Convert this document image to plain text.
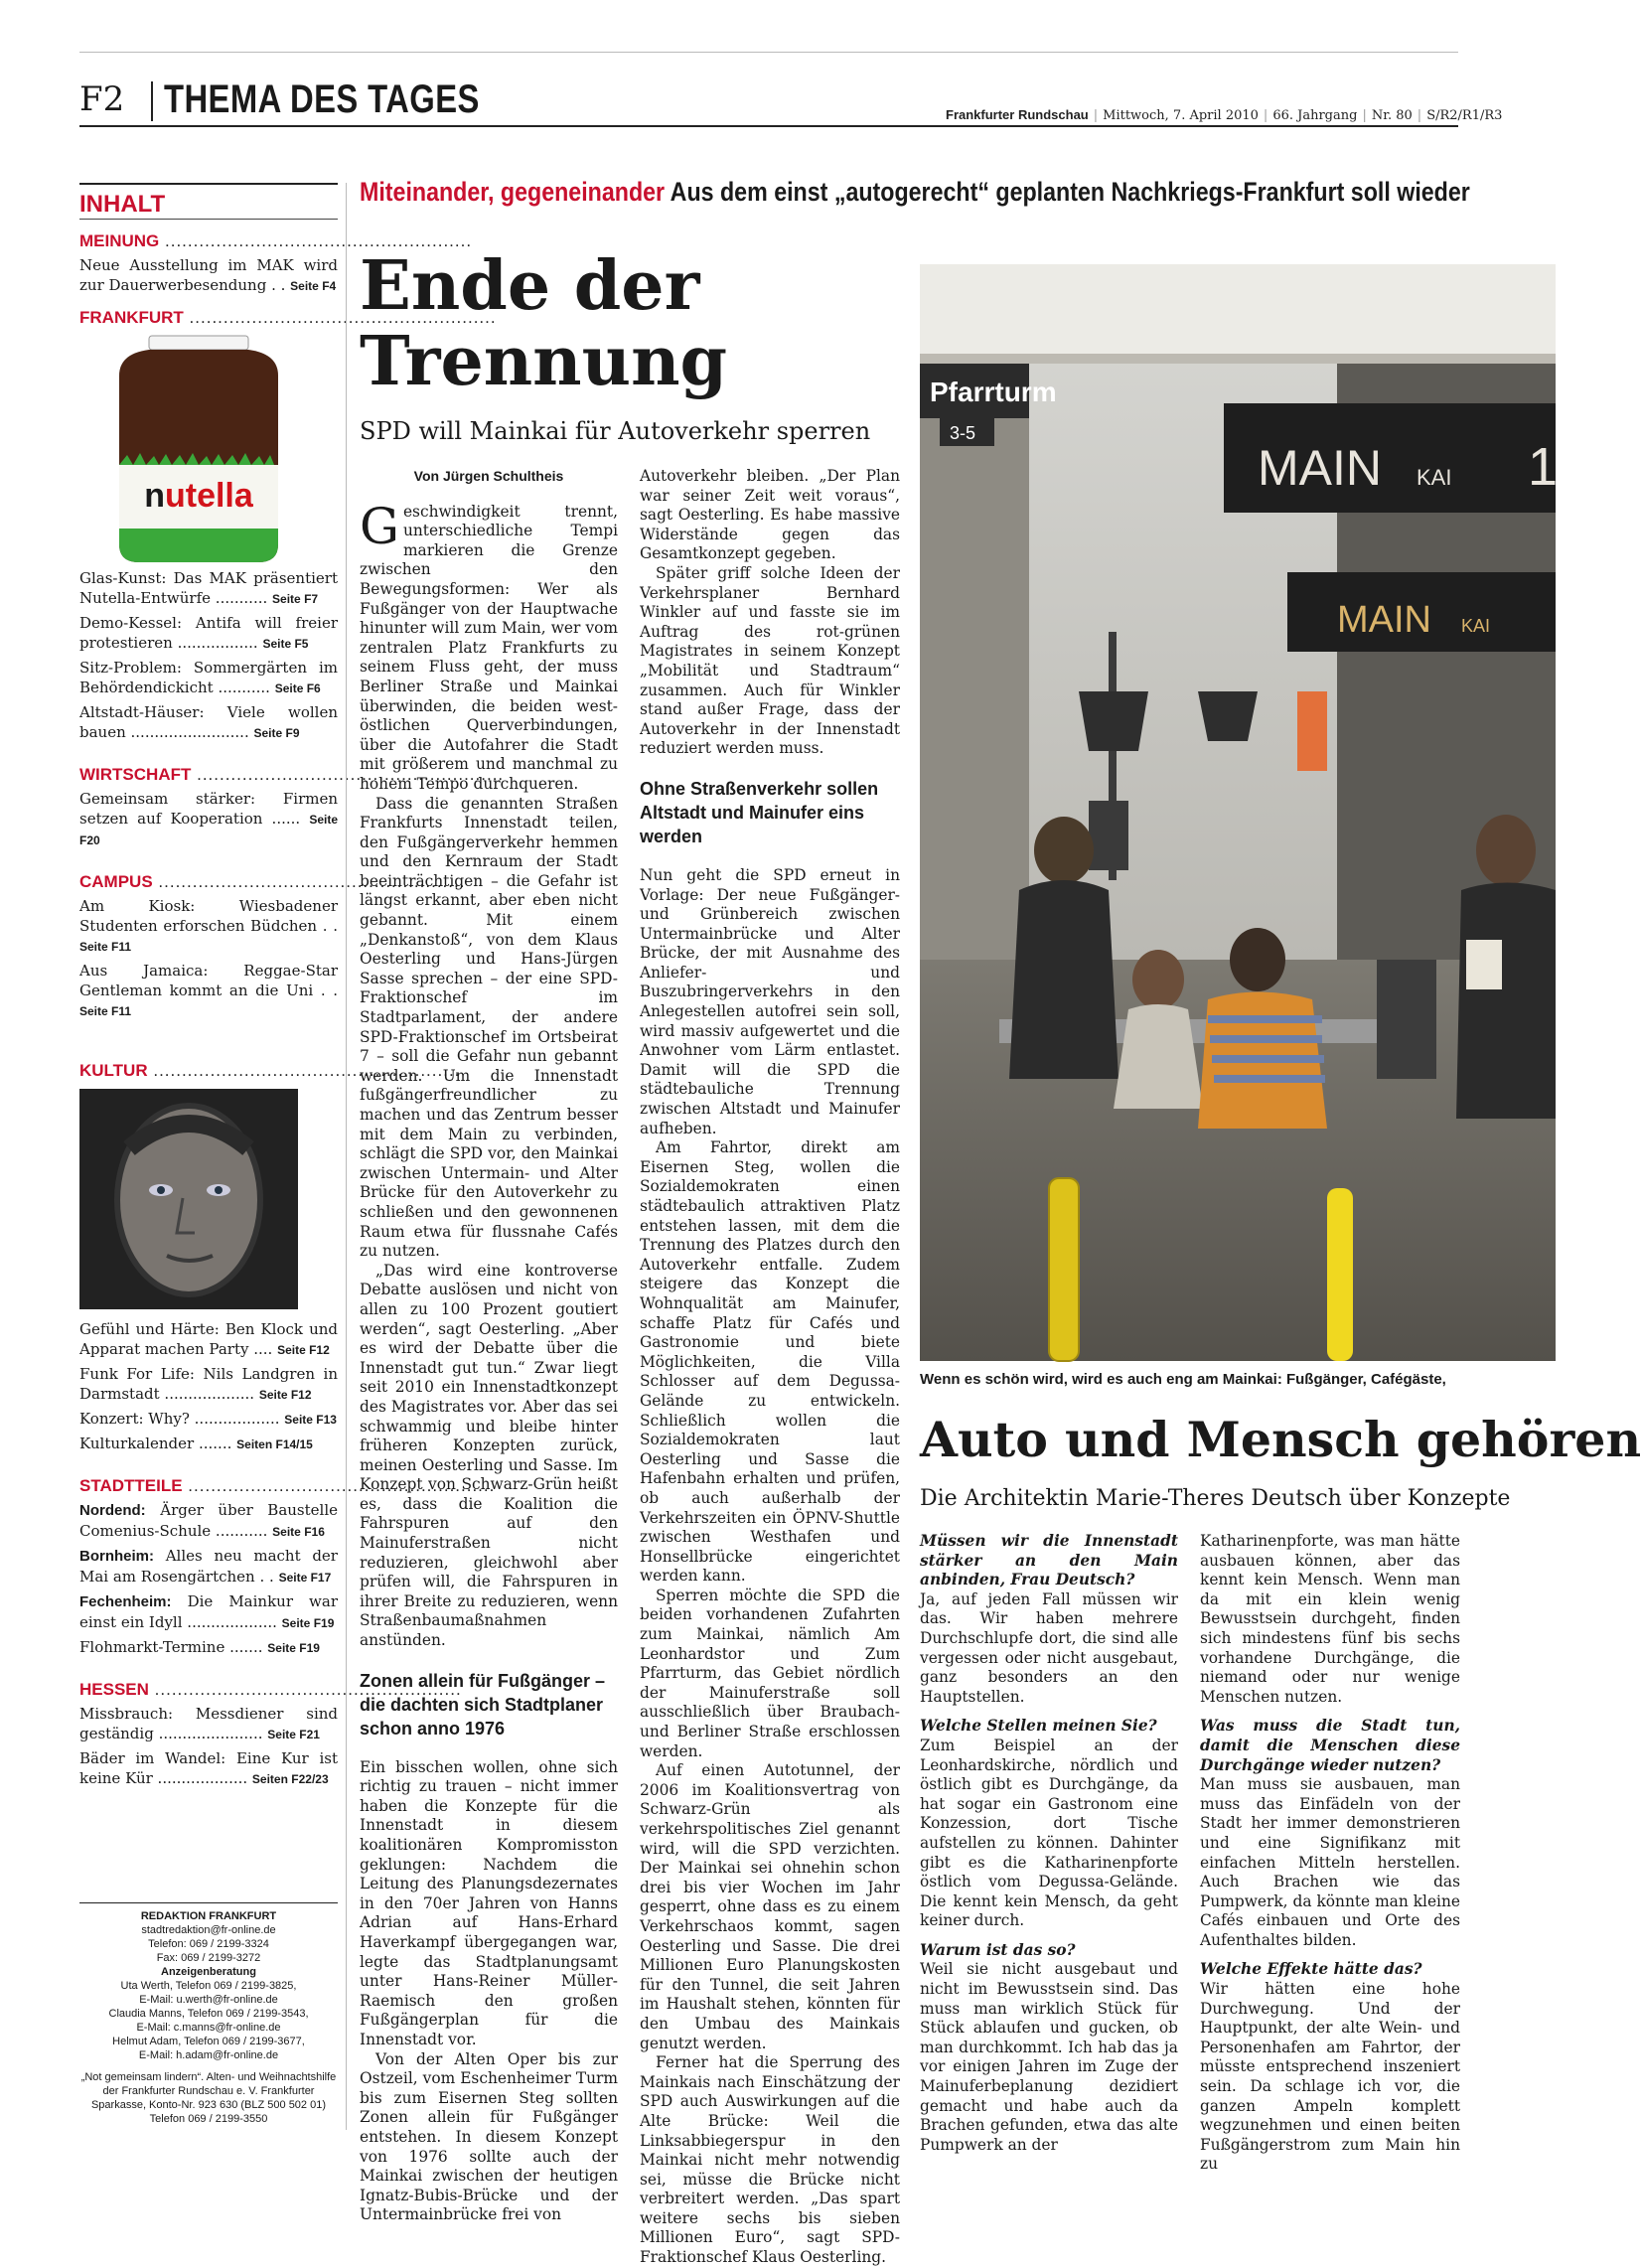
F2 THEMA DES TAGES	Frankfurter Rundschau | Mittwoch, 7. April 2010 | 66. Jahrgang | Nr. 80 | S/R2/R1/R3
INHALT
MEINUNG .....
Neue Ausstellung im MAK wird zur Dauerwerbesendung . . Seite F4
FRANKFURT .....
nutella
Glas-Kunst: Das MAK präsentiert Nutella-Entwürfe ........... Seite F7
Demo-Kessel: Antifa will freier protestieren ................. Seite F5
Sitz-Problem: Sommergärten im Behördendickicht ........... Seite F6
Altstadt-Häuser: Viele wollen bauen ......................... Seite F9
WIRTSCHAFT .....
Gemeinsam stärker: Firmen setzen auf Kooperation ...... Seite F20
CAMPUS .....
Am Kiosk: Wiesbadener Studenten erforschen Büdchen . . Seite F11
Aus Jamaica: Reggae-Star Gentleman kommt an die Uni . . Seite F11
KULTUR .....
Gefühl und Härte: Ben Klock und Apparat machen Party .... Seite F12
Funk For Life: Nils Landgren in Darmstadt ................... Seite F12
Konzert: Why? .................. Seite F13
Kulturkalender ....... Seiten F14/15
STADTTEILE .....
Nordend: Ärger über Baustelle Comenius-Schule ........... Seite F16
Bornheim: Alles neu macht der Mai am Rosengärtchen . . Seite F17
Fechenheim: Die Mainkur war einst ein Idyll ................... Seite F19
Flohmarkt-Termine ....... Seite F19
HESSEN .....
Missbrauch: Messdiener sind geständig ...................... Seite F21
Bäder im Wandel: Eine Kur ist keine Kür ................... Seiten F22/23
REDAKTION FRANKFURT
stadtredaktion@fr-online.de
Telefon: 069 / 2199-3324
Fax: 069 / 2199-3272
Anzeigenberatung
Uta Werth, Telefon 069 / 2199-3825,
E-Mail: u.werth@fr-online.de
Claudia Manns, Telefon 069 / 2199-3543,
E-Mail: c.manns@fr-online.de
Helmut Adam, Telefon 069 / 2199-3677,
E-Mail: h.adam@fr-online.de
„Not gemeinsam lindern“. Alten- und Weihnachtshilfe der Frankfurter Rundschau e. V. Frankfurter Sparkasse, Konto-Nr. 923 630 (BLZ 500 502 01) Telefon 069 / 2199-3550
Miteinander, gegeneinander Aus dem einst „autogerecht“ geplanten Nachkriegs-Frankfurt soll wieder
Ende der
Trennung
SPD will Mainkai für Autoverkehr sperren
Von Jürgen Schultheis

Geschwindigkeit trennt, unterschiedliche Tempi markieren die Grenze zwischen den Bewegungsformen: Wer als Fußgänger von der Hauptwache hinunter will zum Main, wer vom zentralen Platz Frankfurts zu seinem Fluss geht, der muss Berliner Straße und Mainkai überwinden, die beiden west-östlichen Querverbindungen, über die Autofahrer die Stadt mit größerem und manchmal zu hohem Tempo durchqueren.

Dass die genannten Straßen Frankfurts Innenstadt teilen, den Fußgängerverkehr hemmen und den Kernraum der Stadt beeinträchtigen – die Gefahr ist längst erkannt, aber eben nicht gebannt. Mit einem „Denkanstoß“, von dem Klaus Oesterling und Hans-Jürgen Sasse sprechen – der eine SPD-Fraktionschef im Stadtparlament, der andere SPD-Fraktionschef im Ortsbeirat 7 – soll die Gefahr nun gebannt werden. Um die Innenstadt fußgängerfreundlicher zu machen und das Zentrum besser mit dem Main zu verbinden, schlägt die SPD vor, den Mainkai zwischen Untermain- und Alter Brücke für den Autoverkehr zu schließen und den gewonnenen Raum etwa für flussnahe Cafés zu nutzen.

„Das wird eine kontroverse Debatte auslösen und nicht von allen zu 100 Prozent goutiert werden“, sagt Oesterling. „Aber es wird der Debatte über die Innenstadt gut tun.“ Zwar liegt seit 2010 ein Innenstadtkonzept des Magistrates vor. Aber das sei schwammig und bleibe hinter früheren Konzepten zurück, meinen Oesterling und Sasse. Im Konzept von Schwarz-Grün heißt es, dass die Koalition die Fahrspuren auf den Mainuferstraßen nicht reduzieren, gleichwohl aber prüfen will, die Fahrspuren in ihrer Breite zu reduzieren, wenn Straßenbaumaßnahmen anstünden.

Zonen allein für Fußgänger – die dachten sich Stadtplaner schon anno 1976

Ein bisschen wollen, ohne sich richtig zu trauen – nicht immer haben die Konzepte für die Innenstadt in diesem koalitionären Kompromisston geklungen: Nachdem die Leitung des Planungsdezernates in den 70er Jahren von Hanns Adrian auf Hans-Erhard Haverkampf übergegangen war, legte das Stadtplanungsamt unter Hans-Reiner Müller-Raemisch den großen Fußgängerplan für die Innenstadt vor.

Von der Alten Oper bis zur Ostzeil, vom Eschenheimer Turm bis zum Eisernen Steg sollten Zonen allein für Fußgänger entstehen. In diesem Konzept von 1976 sollte auch der Mainkai zwischen der heutigen Ignatz-Bubis-Brücke und der Untermainbrücke frei von

Autoverkehr bleiben. „Der Plan war seiner Zeit weit voraus“, sagt Oesterling. Es habe massive Widerstände gegen das Gesamtkonzept gegeben.

Später griff solche Ideen der Verkehrsplaner Bernhard Winkler auf und fasste sie im Auftrag des rot-grünen Magistrates in seinem Konzept „Mobilität und Stadtraum“ zusammen. Auch für Winkler stand außer Frage, dass der Autoverkehr in der Innenstadt reduziert werden muss.

Ohne Straßenverkehr sollen Altstadt und Mainufer eins werden

Nun geht die SPD erneut in Vorlage: Der neue Fußgänger- und Grünbereich zwischen Untermainbrücke und Alter Brücke, der mit Ausnahme des Anliefer- und Buszubringerverkehrs in den Anlegestellen autofrei sein soll, wird massiv aufgewertet und die Anwohner vom Lärm entlastet. Damit will die SPD die städtebauliche Trennung zwischen Altstadt und Mainufer aufheben.

Am Fahrtor, direkt am Eisernen Steg, wollen die Sozialdemokraten einen städtebaulich attraktiven Platz entstehen lassen, mit dem die Trennung des Platzes durch den Autoverkehr entfalle. Zudem steigere das Konzept die Wohnqualität am Mainufer, schaffe Platz für Cafés und Gastronomie und biete Möglichkeiten, die Villa Schlosser auf dem Degussa-Gelände zu entwickeln. Schließlich wollen die Sozialdemokraten laut Oesterling und Sasse die Hafenbahn erhalten und prüfen, ob auch außerhalb der Verkehrszeiten ein ÖPNV-Shuttle zwischen Westhafen und Honsellbrücke eingerichtet werden kann.

Sperren möchte die SPD die beiden vorhandenen Zufahrten zum Mainkai, nämlich Am Leonhardstor und Zum Pfarrturm, das Gebiet nördlich der Mainuferstraße soll ausschließlich über Braubach- und Berliner Straße erschlossen werden.

Auf einen Autotunnel, der 2006 im Koalitionsvertrag von Schwarz-Grün als verkehrspolitisches Ziel genannt wird, will die SPD verzichten. Der Mainkai sei ohnehin schon drei bis vier Wochen im Jahr gesperrt, ohne dass es zu einem Verkehrschaos kommt, sagen Oesterling und Sasse. Die drei Millionen Euro Planungskosten für den Tunnel, die seit Jahren im Haushalt stehen, könnten für den Umbau des Mainkais genutzt werden.

Ferner hat die Sperrung des Mainkais nach Einschätzung der SPD auch Auswirkungen auf die Alte Brücke: Weil die Linksabbiegerspur in den Mainkai nicht mehr notwendig sei, müsse die Brücke nicht verbreitert werden. „Das spart weitere sechs bis sieben Millionen Euro“, sagt SPD-Fraktionschef Klaus Oesterling.

Pfarrturm
3-5
MAIN KAI 1
MAIN KAI
Wenn es schön wird, wird es auch eng am Mainkai: Fußgänger, Cafégäste,
Auto und Mensch gehören
Die Architektin Marie-Theres Deutsch über Konzepte
Müssen wir die Innenstadt stärker an den Main anbinden, Frau Deutsch?
Ja, auf jeden Fall müssen wir das. Wir haben mehrere Durchschlupfe dort, die sind alle vergessen oder nicht ausgebaut, ganz besonders an den Hauptstellen.
Welche Stellen meinen Sie?
Zum Beispiel an der Leonhardskirche, nördlich und östlich gibt es Durchgänge, da hat sogar ein Gastronom eine Konzession, dort Tische aufstellen zu können. Dahinter gibt es die Katharinenpforte östlich vom Degussa-Gelände. Die kennt kein Mensch, da geht keiner durch.
Warum ist das so?
Weil sie nicht ausgebaut und nicht im Bewusstsein sind. Das muss man wirklich Stück für Stück ablaufen und gucken, ob man durchkommt. Ich hab das ja vor einigen Jahren im Zuge der Mainuferbeplanung dezidiert gemacht und habe auch da Brachen gefunden, etwa das alte Pumpwerk an der
Katharinenpforte, was man hätte ausbauen können, aber das kennt kein Mensch. Wenn man da mit ein klein wenig Bewusstsein durchgeht, finden sich mindestens fünf bis sechs vorhandene Durchgänge, die niemand oder nur wenige Menschen nutzen.
Was muss die Stadt tun, damit die Menschen diese Durchgänge wieder nutzen?
Man muss sie ausbauen, man muss das Einfädeln von der Stadt her immer demonstrieren und eine Signifikanz mit einfachen Mitteln herstellen. Auch Brachen wie das Pumpwerk, da könnte man kleine Cafés einbauen und Orte des Aufenthaltes bilden.
Welche Effekte hätte das?
Wir hätten eine hohe Durchwegung. Und der Hauptpunkt, der alte Wein- und Personenhafen am Fahrtor, der müsste entsprechend inszeniert sein. Da schlage ich vor, die ganzen Ampeln komplett wegzunehmen und einen beiten Fußgängerstrom zum Main hin zu
